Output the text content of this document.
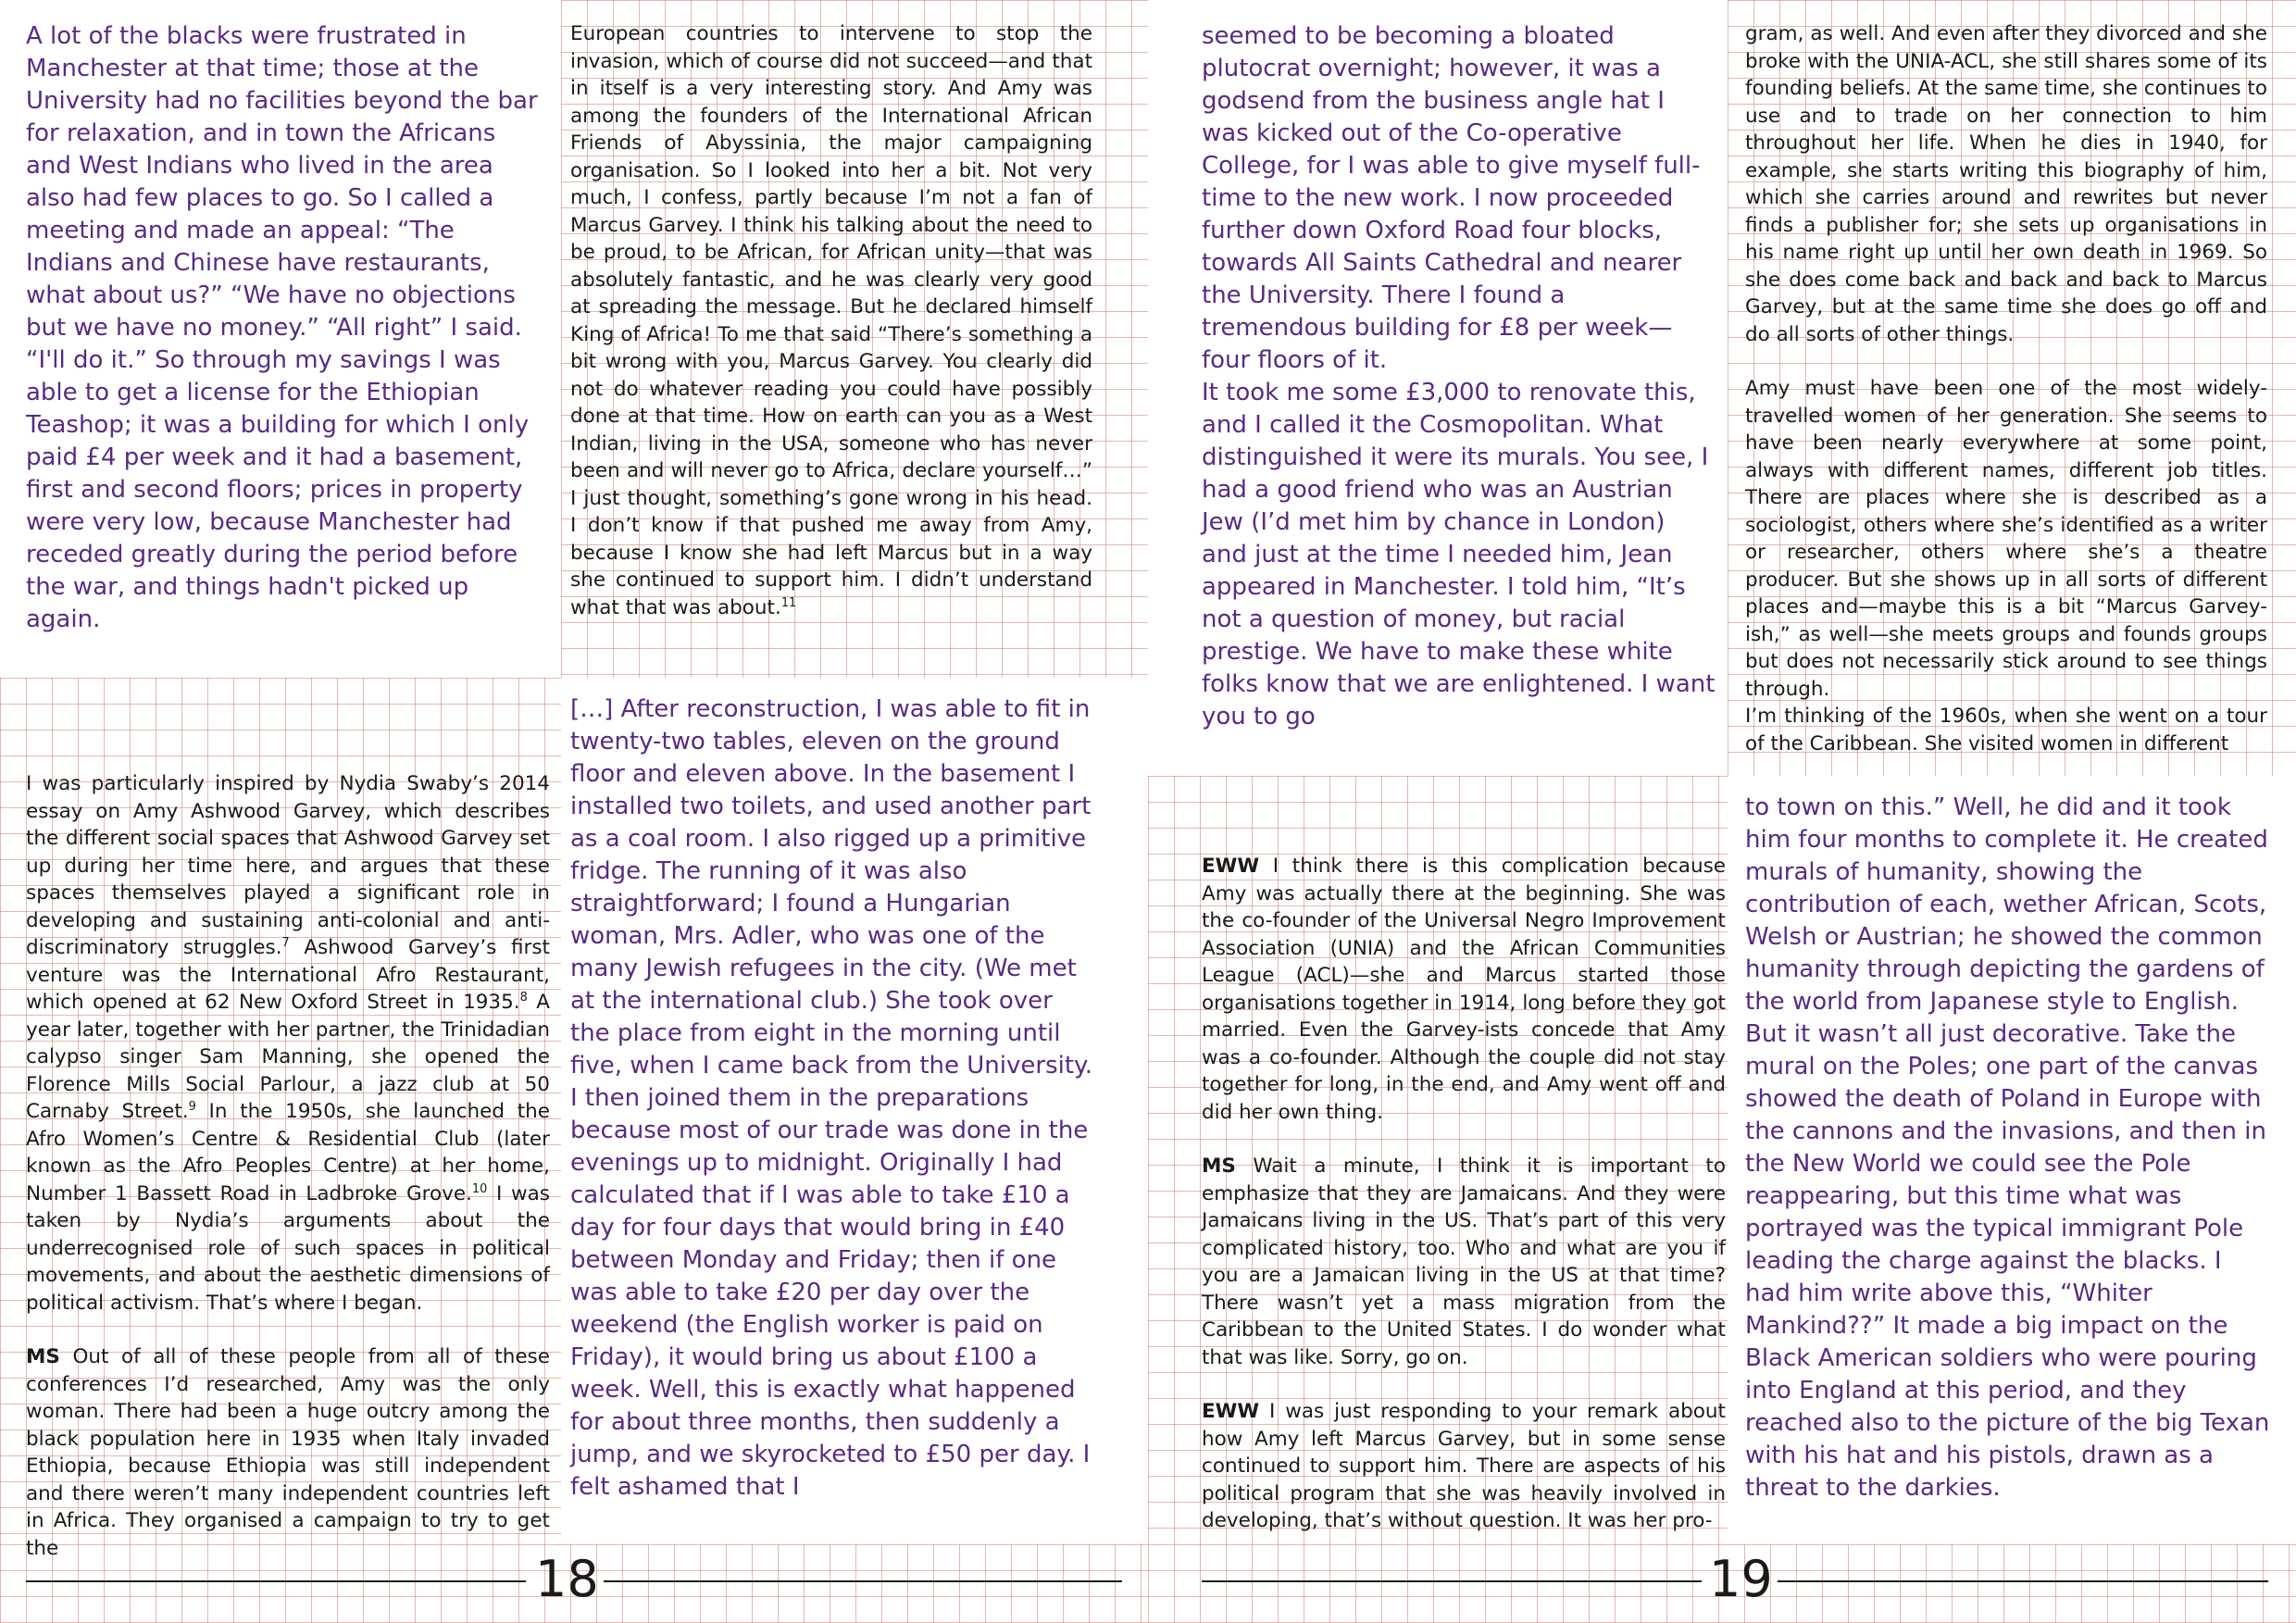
A lot of the blacks were frustrated in Manchester at that time; those at the University had no facilities beyond the bar for relaxation, and in town the Africans and West Indians who lived in the area also had few places to go. So I called a meeting and made an appeal: “The Indians and Chinese have restaurants, what about us?” “We have no objections but we have no money.” “All right” I said. “I'll do it.” So through my savings I was able to get a license for the Ethiopian Teashop; it was a building for which I only paid £4 per week and it had a basement, first and second floors; prices in property were very low, because Manchester had receded greatly during the period before the war, and things hadn't picked up again.

European countries to intervene to stop the invasion, which of course did not succeed—and that in itself is a very interesting story. And Amy was among the founders of the International African Friends of Abyssinia, the major campaigning organisation. So I looked into her a bit. Not very much, I confess, partly because I’m not a fan of Marcus Garvey. I think his talking about the need to be proud, to be African, for African unity—that was absolutely fantastic, and he was clearly very good at spreading the message. But he declared himself King of Africa! To me that said “There’s something a bit wrong with you, Marcus Garvey. You clearly did not do whatever reading you could have possibly done at that time. How on earth can you as a West Indian, living in the USA, someone who has never been and will never go to Africa, declare yourself…” I just thought, something’s gone wrong in his head. I don’t know if that pushed me away from Amy, because I know she had left Marcus but in a way she continued to support him. I didn’t understand what that was about.$^{11}$

I was particularly inspired by Nydia Swaby’s 2014 essay on Amy Ashwood Garvey, which describes the different social spaces that Ashwood Garvey set up during her time here, and argues that these spaces themselves played a significant role in developing and sustaining anti-colonial and anti-discriminatory struggles.$^7$ Ashwood Garvey’s first venture was the International Afro Restaurant, which opened at 62 New Oxford Street in 1935.$^8$ A year later, together with her partner, the Trinidadian calypso singer Sam Manning, she opened the Florence Mills Social Parlour, a jazz club at 50 Carnaby Street.$^9$ In the 1950s, she launched the Afro Women’s Centre & Residential Club (later known as the Afro Peoples Centre) at her home, Number 1 Bassett Road in Ladbroke Grove.$^{10}$ I was taken by Nydia’s arguments about the underrecognised role of such spaces in political movements, and about the aesthetic dimensions of political activism. That’s where I began.

MS Out of all of these people from all of these conferences I’d researched, Amy was the only woman. There had been a huge outcry among the black population here in 1935 when Italy invaded Ethiopia, because Ethiopia was still independent and there weren’t many independent countries left in Africa. They organised a campaign to try to get the

[…] After reconstruction, I was able to fit in twenty-two tables, eleven on the ground floor and eleven above. In the basement I installed two toilets, and used another part as a coal room. I also rigged up a primitive fridge. The running of it was also straightforward; I found a Hungarian woman, Mrs. Adler, who was one of the many Jewish refugees in the city. (We met at the international club.) She took over the place from eight in the morning until five, when I came back from the University. I then joined them in the preparations because most of our trade was done in the evenings up to midnight. Originally I had calculated that if I was able to take £10 a day for four days that would bring in £40 between Monday and Friday; then if one was able to take £20 per day over the weekend (the English worker is paid on Friday), it would bring us about £100 a week. Well, this is exactly what happened for about three months, then suddenly a jump, and we skyrocketed to £50 per day. I felt ashamed that I

18

seemed to be becoming a bloated plutocrat overnight; however, it was a godsend from the business angle hat I was kicked out of the Co-operative College, for I was able to give myself full-time to the new work. I now proceeded further down Oxford Road four blocks, towards All Saints Cathedral and nearer the University. There I found a tremendous building for £8 per week—four floors of it.

It took me some £3,000 to renovate this, and I called it the Cosmopolitan. What distinguished it were its murals. You see, I had a good friend who was an Austrian Jew (I’d met him by chance in London) and just at the time I needed him, Jean appeared in Manchester. I told him, “It’s not a question of money, but racial prestige. We have to make these white folks know that we are enlightened. I want you to go

gram, as well. And even after they divorced and she broke with the UNIA-ACL, she still shares some of its founding beliefs. At the same time, she continues to use and to trade on her connection to him throughout her life. When he dies in 1940, for example, she starts writing this biography of him, which she carries around and rewrites but never finds a publisher for; she sets up organisations in his name right up until her own death in 1969. So she does come back and back and back to Marcus Garvey, but at the same time she does go off and do all sorts of other things.

Amy must have been one of the most widely-travelled women of her generation. She seems to have been nearly everywhere at some point, always with different names, different job titles. There are places where she is described as a sociologist, others where she’s identified as a writer or researcher, others where she’s a theatre producer. But she shows up in all sorts of different places and—maybe this is a bit “Marcus Garvey-ish,” as well—she meets groups and founds groups but does not necessarily stick around to see things through.

I’m thinking of the 1960s, when she went on a tour of the Caribbean. She visited women in different

EWW I think there is this complication because Amy was actually there at the beginning. She was the co-founder of the Universal Negro Improvement Association (UNIA) and the African Communities League (ACL)—she and Marcus started those organisations together in 1914, long before they got married. Even the Garvey-ists concede that Amy was a co-founder. Although the couple did not stay together for long, in the end, and Amy went off and did her own thing.

MS Wait a minute, I think it is important to emphasize that they are Jamaicans. And they were Jamaicans living in the US. That’s part of this very complicated history, too. Who and what are you if you are a Jamaican living in the US at that time? There wasn’t yet a mass migration from the Caribbean to the United States. I do wonder what that was like. Sorry, go on.

EWW I was just responding to your remark about how Amy left Marcus Garvey, but in some sense continued to support him. There are aspects of his political program that she was heavily involved in developing, that’s without question. It was her pro-

to town on this.” Well, he did and it took him four months to complete it. He created murals of humanity, showing the contribution of each, wether African, Scots, Welsh or Austrian; he showed the common humanity through depicting the gardens of the world from Japanese style to English. But it wasn’t all just decorative. Take the mural on the Poles; one part of the canvas showed the death of Poland in Europe with the cannons and the invasions, and then in the New World we could see the Pole reappearing, but this time what was portrayed was the typical immigrant Pole leading the charge against the blacks. I had him write above this, “Whiter Mankind??” It made a big impact on the Black American soldiers who were pouring into England at this period, and they reached also to the picture of the big Texan with his hat and his pistols, drawn as a threat to the darkies.

19
